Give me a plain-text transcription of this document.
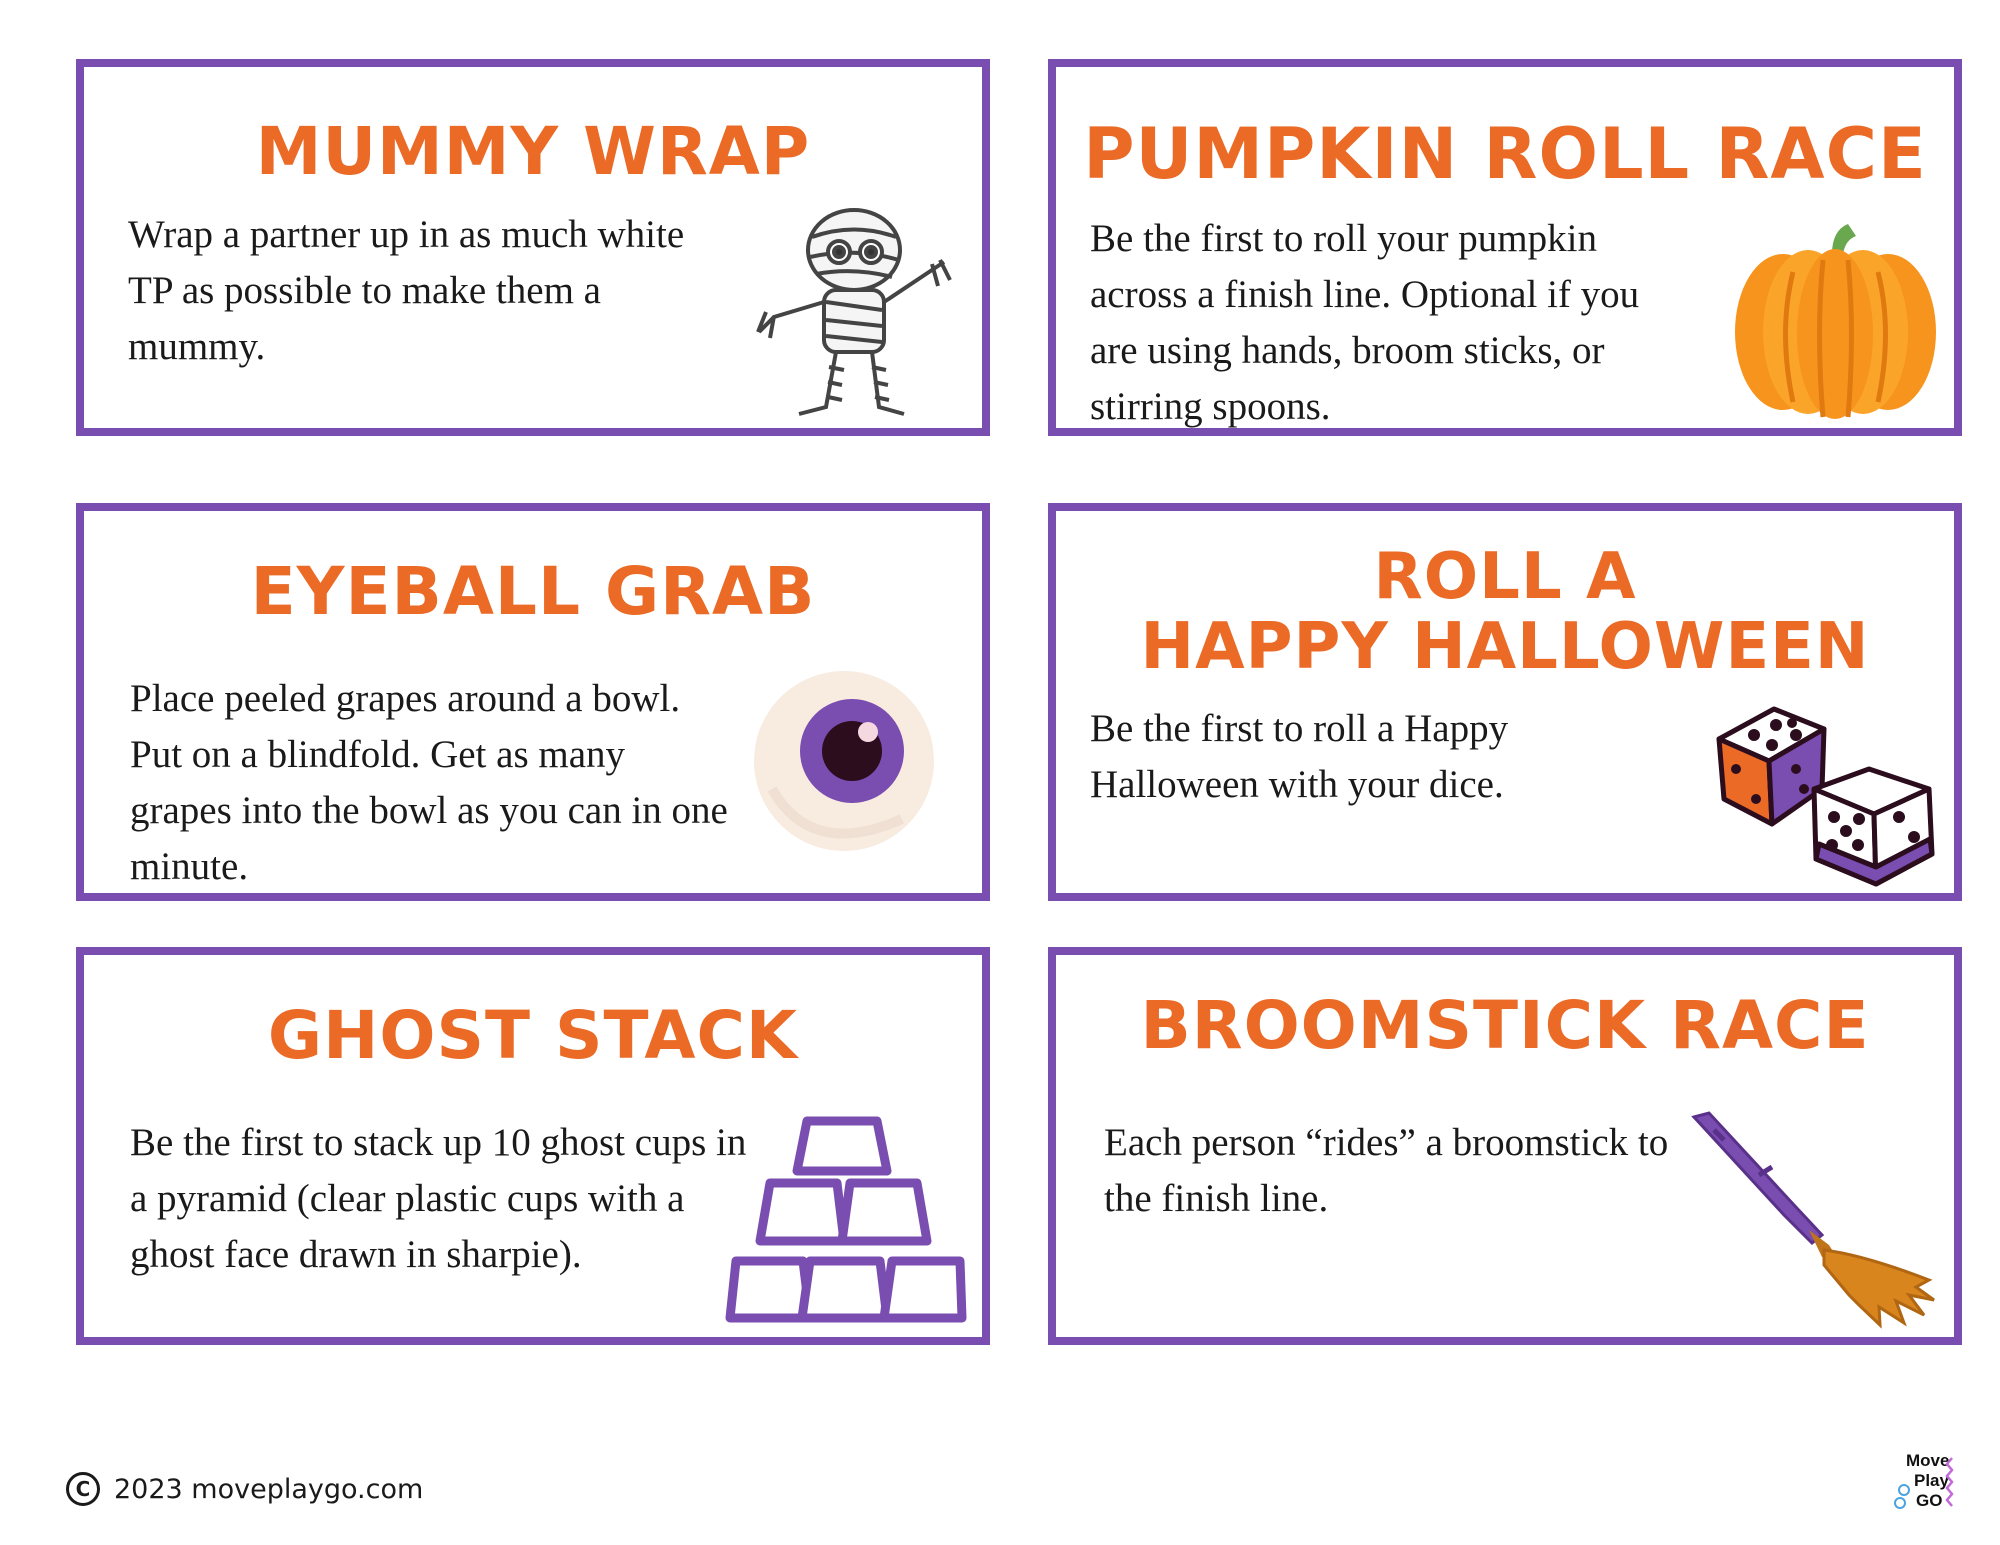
MUMMY WRAP
Wrap a partner up in as much white TP as possible to make them a mummy.
PUMPKIN ROLL RACE
Be the first to roll your pumpkin across a finish line. Optional if you are using hands, broom sticks, or stirring spoons.
EYEBALL GRAB
Place peeled grapes around a bowl. Put on a blindfold. Get as many grapes into the bowl as you can in one minute.
ROLL A
HAPPY HALLOWEEN
Be the first to roll a Happy Halloween with your dice.
GHOST STACK
Be the first to stack up 10 ghost cups in a pyramid (clear plastic cups with a ghost face drawn in sharpie).
BROOMSTICK RACE
Each person “rides” a broomstick to the finish line.
C 2023 moveplaygo.com
Move
Play
GO
